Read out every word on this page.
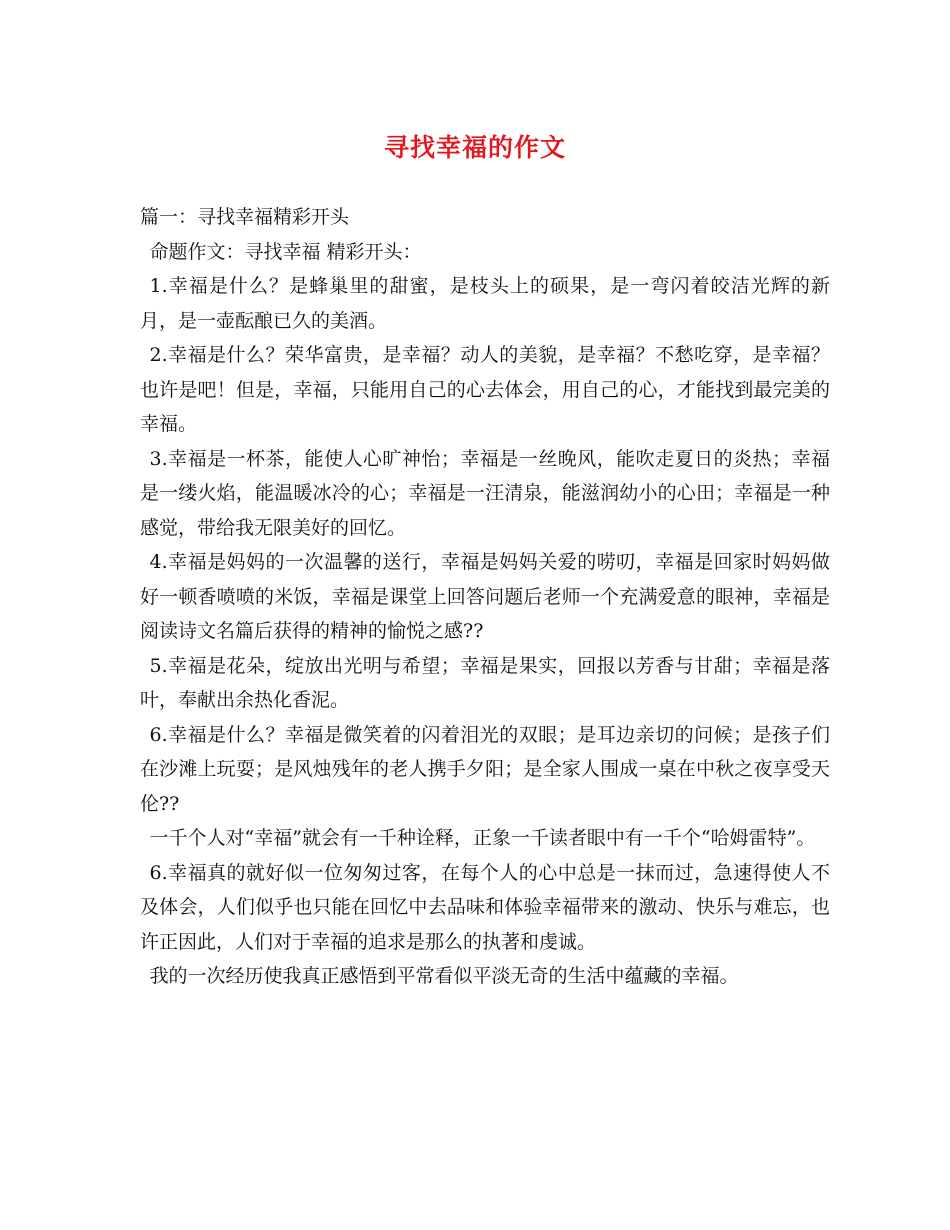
寻找幸福的作文

篇一：寻找幸福精彩开头

命题作文：寻找幸福 精彩开头：

1.幸福是什么？是蜂巢里的甜蜜，是枝头上的硕果，是一弯闪着皎洁光辉的新月，是一壶酝酿已久的美酒。

2.幸福是什么？荣华富贵，是幸福？动人的美貌，是幸福？不愁吃穿，是幸福？也许是吧！但是，幸福，只能用自己的心去体会，用自己的心，才能找到最完美的幸福。

3.幸福是一杯茶，能使人心旷神怡；幸福是一丝晚风，能吹走夏日的炎热；幸福是一缕火焰，能温暖冰冷的心；幸福是一汪清泉，能滋润幼小的心田；幸福是一种感觉，带给我无限美好的回忆。

4.幸福是妈妈的一次温馨的送行，幸福是妈妈关爱的唠叨，幸福是回家时妈妈做好一顿香喷喷的米饭，幸福是课堂上回答问题后老师一个充满爱意的眼神，幸福是阅读诗文名篇后获得的精神的愉悦之感??

5.幸福是花朵，绽放出光明与希望；幸福是果实，回报以芳香与甘甜；幸福是落叶，奉献出余热化香泥。

6.幸福是什么？幸福是微笑着的闪着泪光的双眼；是耳边亲切的问候；是孩子们在沙滩上玩耍；是风烛残年的老人携手夕阳；是全家人围成一桌在中秋之夜享受天伦??

一千个人对“幸福”就会有一千种诠释，正象一千读者眼中有一千个“哈姆雷特”。

6.幸福真的就好似一位匆匆过客，在每个人的心中总是一抹而过，急速得使人不及体会，人们似乎也只能在回忆中去品味和体验幸福带来的激动、快乐与难忘，也许正因此，人们对于幸福的追求是那么的执著和虔诚。

我的一次经历使我真正感悟到平常看似平淡无奇的生活中蕴藏的幸福。
